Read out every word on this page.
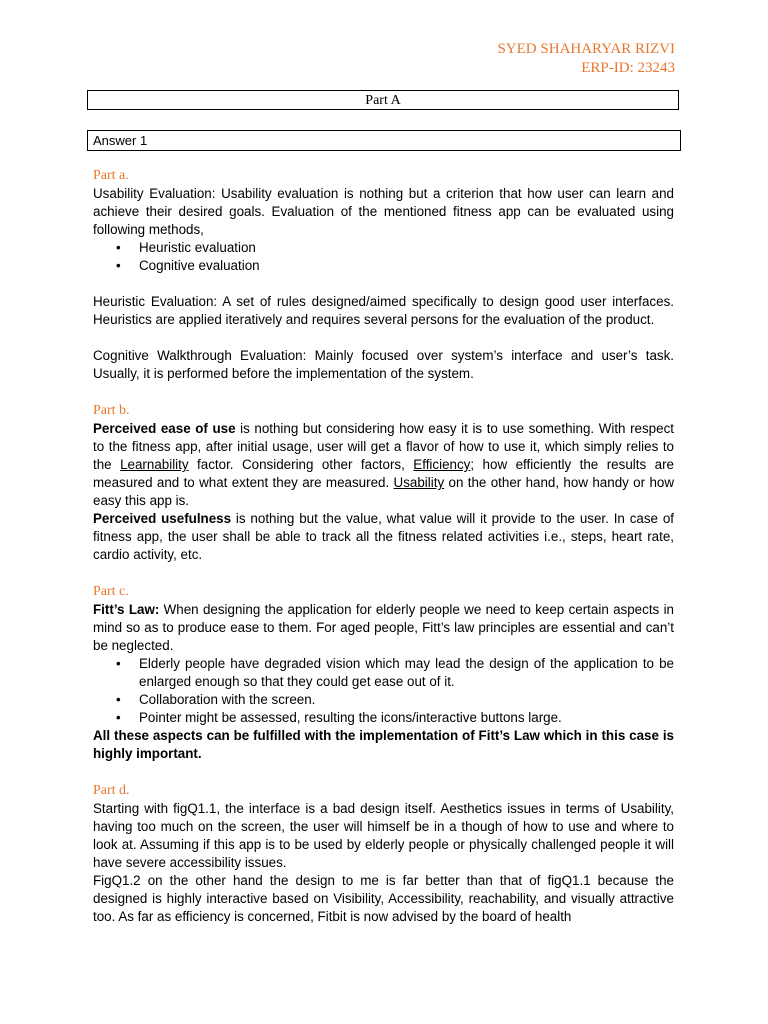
SYED SHAHARYAR RIZVI
ERP-ID: 23243
Part A
Answer 1

Part a.

Usability Evaluation: Usability evaluation is nothing but a criterion that how user can learn and achieve their desired goals. Evaluation of the mentioned fitness app can be evaluated using following methods,

• Heuristic evaluation
• Cognitive evaluation

Heuristic Evaluation: A set of rules designed/aimed specifically to design good user interfaces. Heuristics are applied iteratively and requires several persons for the evaluation of the product.

Cognitive Walkthrough Evaluation: Mainly focused over system’s interface and user’s task. Usually, it is performed before the implementation of the system.

Part b.

Perceived ease of use is nothing but considering how easy it is to use something. With respect to the fitness app, after initial usage, user will get a flavor of how to use it, which simply relies to the Learnability factor. Considering other factors, Efficiency; how efficiently the results are measured and to what extent they are measured. Usability on the other hand, how handy or how easy this app is.

Perceived usefulness is nothing but the value, what value will it provide to the user. In case of fitness app, the user shall be able to track all the fitness related activities i.e., steps, heart rate, cardio activity, etc.

Part c.

Fitt’s Law: When designing the application for elderly people we need to keep certain aspects in mind so as to produce ease to them. For aged people, Fitt’s law principles are essential and can’t be neglected.

• Elderly people have degraded vision which may lead the design of the application to be enlarged enough so that they could get ease out of it.
• Collaboration with the screen.
• Pointer might be assessed, resulting the icons/interactive buttons large.

All these aspects can be fulfilled with the implementation of Fitt’s Law which in this case is highly important.

Part d.

Starting with figQ1.1, the interface is a bad design itself. Aesthetics issues in terms of Usability, having too much on the screen, the user will himself be in a though of how to use and where to look at. Assuming if this app is to be used by elderly people or physically challenged people it will have severe accessibility issues.

FigQ1.2 on the other hand the design to me is far better than that of figQ1.1 because the designed is highly interactive based on Visibility, Accessibility, reachability, and visually attractive too. As far as efficiency is concerned, Fitbit is now advised by the board of health
